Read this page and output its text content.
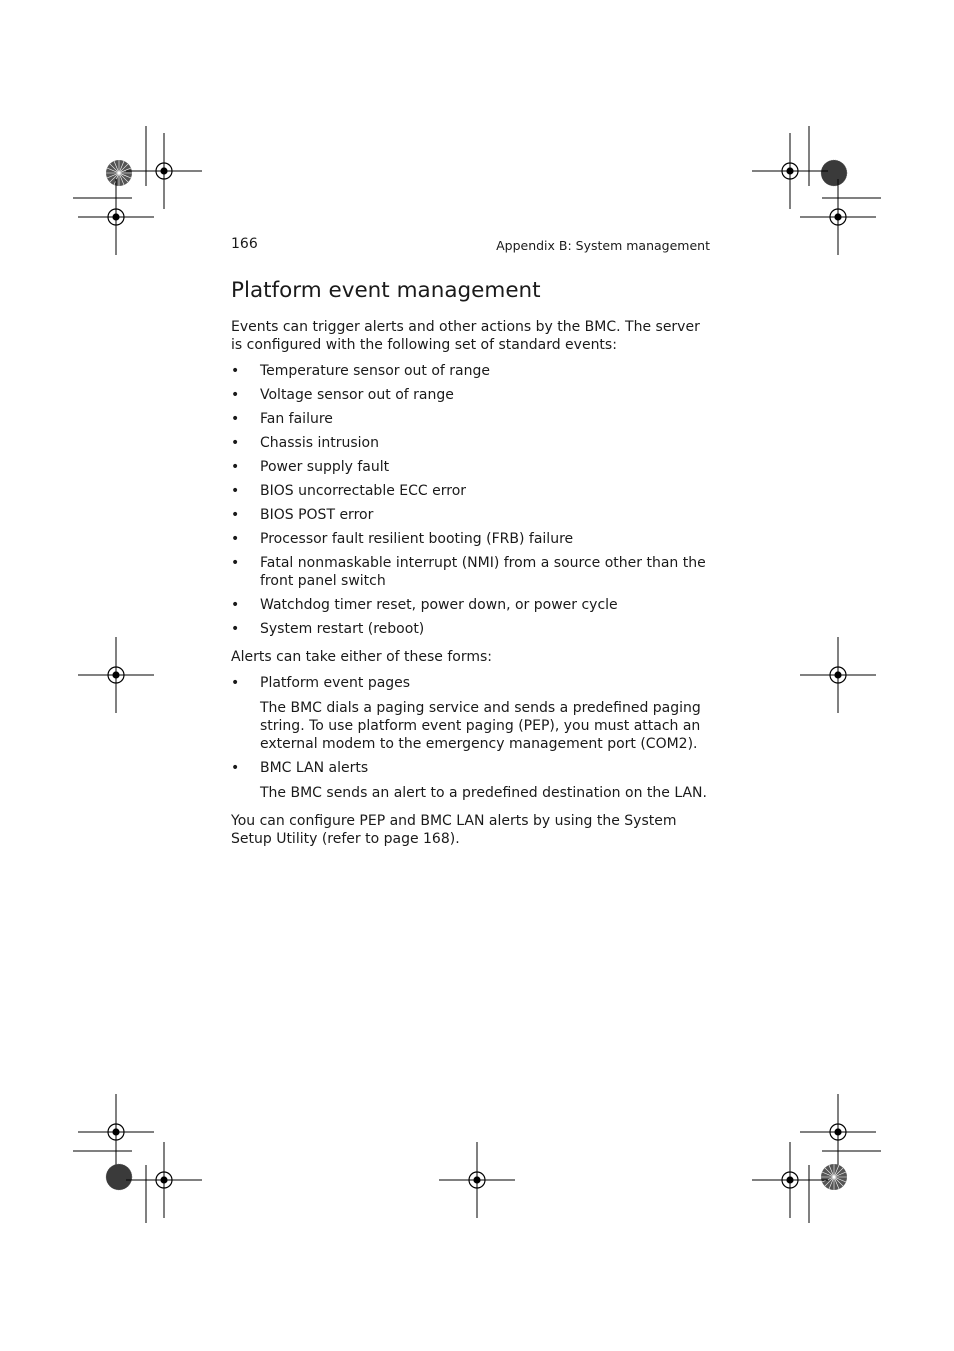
166	Appendix B: System management
Platform event management

Events can trigger alerts and other actions by the BMC. The server is configured with the following set of standard events:

• Temperature sensor out of range
• Voltage sensor out of range
• Fan failure
• Chassis intrusion
• Power supply fault
• BIOS uncorrectable ECC error
• BIOS POST error
• Processor fault resilient booting (FRB) failure
• Fatal nonmaskable interrupt (NMI) from a source other than the front panel switch
• Watchdog timer reset, power down, or power cycle
• System restart (reboot)

Alerts can take either of these forms:

• Platform event pages

The BMC dials a paging service and sends a predefined paging string. To use platform event paging (PEP), you must attach an external modem to the emergency management port (COM2).

• BMC LAN alerts

The BMC sends an alert to a predefined destination on the LAN.

You can configure PEP and BMC LAN alerts by using the System Setup Utility (refer to page 168).
